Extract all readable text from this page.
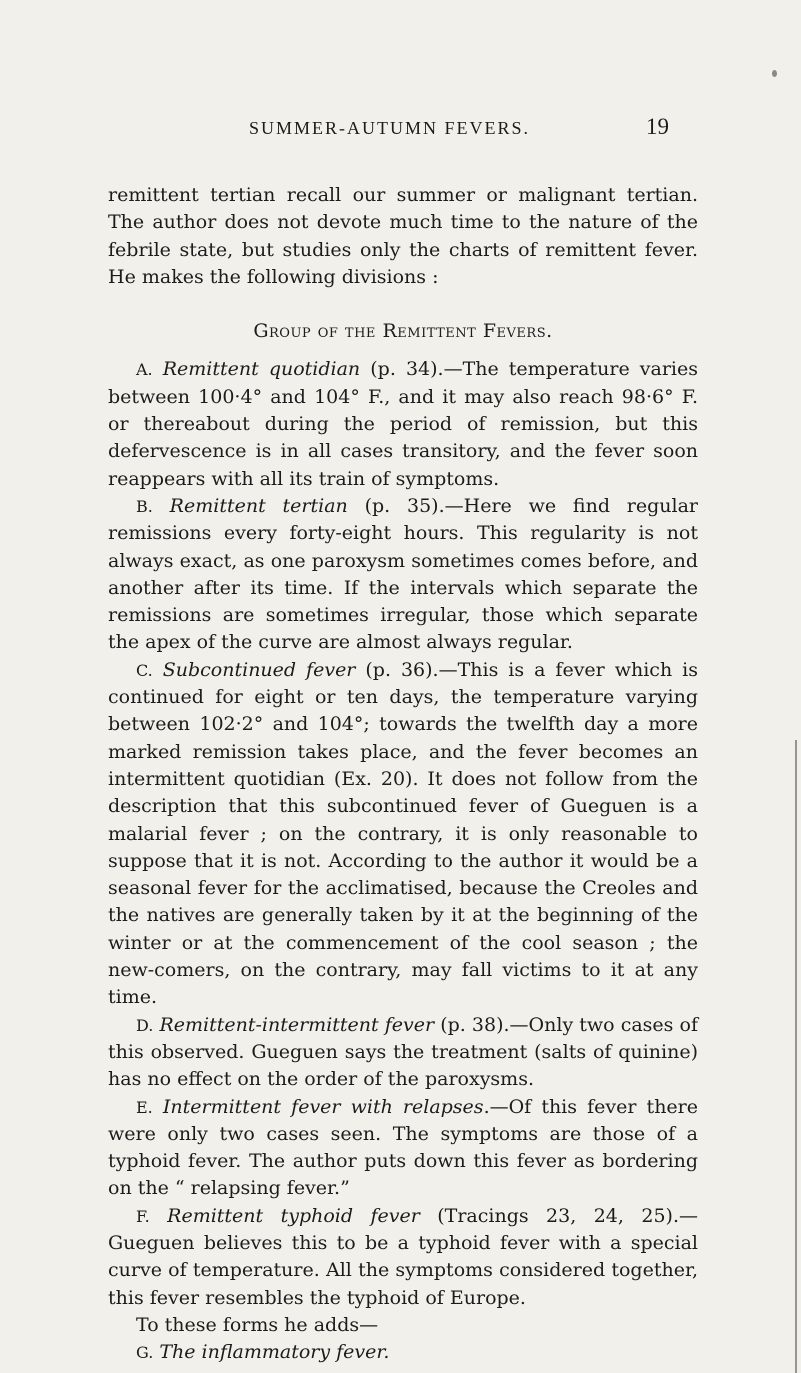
SUMMER-AUTUMN FEVERS.	19

remittent tertian recall our summer or malignant tertian. The author does not devote much time to the nature of the febrile state, but studies only the charts of remittent fever. He makes the following divisions :

Group of the Remittent Fevers.

A. Remittent quotidian (p. 34).—The temperature varies between 100·4° and 104° F., and it may also reach 98·6° F. or thereabout during the period of remission, but this defervescence is in all cases transitory, and the fever soon reappears with all its train of symptoms.

B. Remittent tertian (p. 35).—Here we find regular remissions every forty-eight hours. This regularity is not always exact, as one paroxysm sometimes comes before, and another after its time. If the intervals which separate the remissions are sometimes irregular, those which separate the apex of the curve are almost always regular.

C. Subcontinued fever (p. 36).—This is a fever which is continued for eight or ten days, the temperature varying between 102·2° and 104°; towards the twelfth day a more marked remission takes place, and the fever becomes an intermittent quotidian (Ex. 20). It does not follow from the description that this subcontinued fever of Gueguen is a malarial fever ; on the contrary, it is only reasonable to suppose that it is not. According to the author it would be a seasonal fever for the acclimatised, because the Creoles and the natives are generally taken by it at the beginning of the winter or at the commencement of the cool season ; the new-comers, on the contrary, may fall victims to it at any time.

D. Remittent-intermittent fever (p. 38).—Only two cases of this observed. Gueguen says the treatment (salts of quinine) has no effect on the order of the paroxysms.

E. Intermittent fever with relapses.—Of this fever there were only two cases seen. The symptoms are those of a typhoid fever. The author puts down this fever as bordering on the “ relapsing fever.”

F. Remittent typhoid fever (Tracings 23, 24, 25).—Gueguen believes this to be a typhoid fever with a special curve of temperature. All the symptoms considered together, this fever resembles the typhoid of Europe.

To these forms he adds—

G. The inflammatory fever.
